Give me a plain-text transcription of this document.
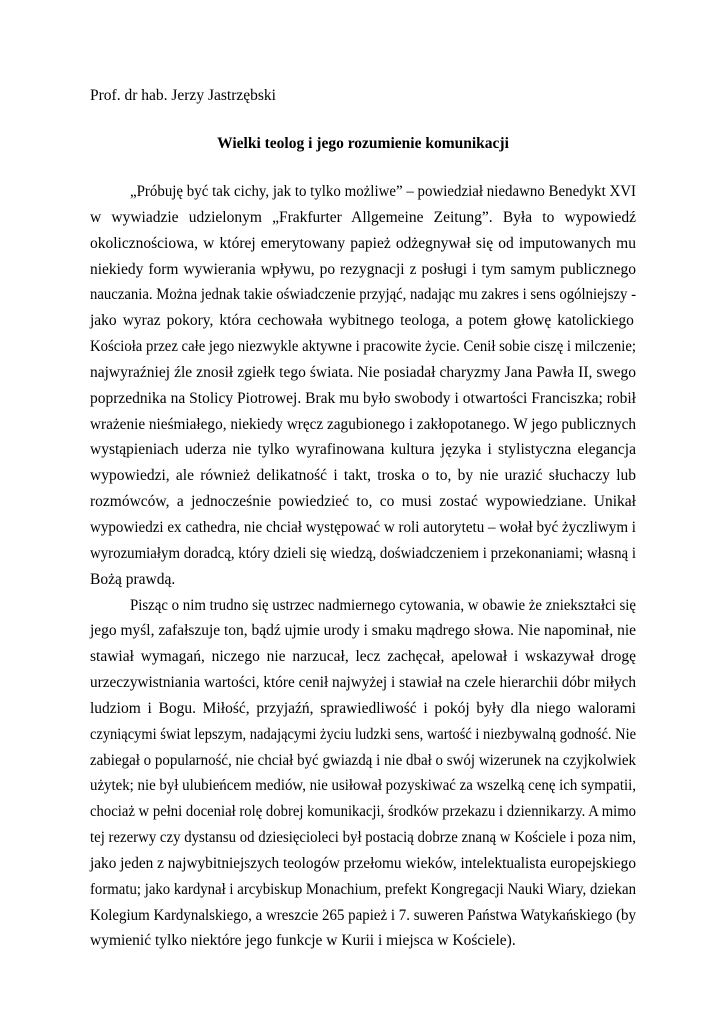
Prof. dr hab. Jerzy Jastrzębski
Wielki teolog i jego rozumienie komunikacji
„Próbuję być tak cichy, jak to tylko możliwe” – powiedział niedawno Benedykt XVI
w wywiadzie udzielonym „Frakfurter Allgemeine Zeitung”. Była to wypowiedź
okolicznościowa, w której emerytowany papież odżegnywał się od imputowanych mu
niekiedy form wywierania wpływu, po rezygnacji z posługi i tym samym publicznego
nauczania. Można jednak takie oświadczenie przyjąć, nadając mu zakres i sens ogólniejszy -
jako wyraz pokory, która cechowała wybitnego teologa, a potem głowę katolickiego
Kościoła przez całe jego niezwykle aktywne i pracowite życie. Cenił sobie ciszę i milczenie;
najwyraźniej źle znosił zgiełk tego świata. Nie posiadał charyzmy Jana Pawła II, swego
poprzednika na Stolicy Piotrowej. Brak mu było swobody i otwartości Franciszka; robił
wrażenie nieśmiałego, niekiedy wręcz zagubionego i zakłopotanego. W jego publicznych
wystąpieniach uderza nie tylko wyrafinowana kultura języka i stylistyczna elegancja
wypowiedzi, ale również delikatność i takt, troska o to, by nie urazić słuchaczy lub
rozmówców, a jednocześnie powiedzieć to, co musi zostać wypowiedziane. Unikał
wypowiedzi ex cathedra, nie chciał występować w roli autorytetu – wołał być życzliwym i
wyrozumiałym doradcą, który dzieli się wiedzą, doświadczeniem i przekonaniami; własną i
Bożą prawdą.
Pisząc o nim trudno się ustrzec nadmiernego cytowania, w obawie że zniekształci się
jego myśl, zafałszuje ton, bądź ujmie urody i smaku mądrego słowa. Nie napominał, nie
stawiał wymagań, niczego nie narzucał, lecz zachęcał, apelował i wskazywał drogę
urzeczywistniania wartości, które cenił najwyżej i stawiał na czele hierarchii dóbr miłych
ludziom i Bogu. Miłość, przyjaźń, sprawiedliwość i pokój były dla niego walorami
czyniącymi świat lepszym, nadającymi życiu ludzki sens, wartość i niezbywalną godność. Nie
zabiegał o popularność, nie chciał być gwiazdą i nie dbał o swój wizerunek na czyjkolwiek
użytek; nie był ulubieńcem mediów, nie usiłował pozyskiwać za wszelką cenę ich sympatii,
chociaż w pełni doceniał rolę dobrej komunikacji, środków przekazu i dziennikarzy. A mimo
tej rezerwy czy dystansu od dziesięcioleci był postacią dobrze znaną w Kościele i poza nim,
jako jeden z najwybitniejszych teologów przełomu wieków, intelektualista europejskiego
formatu; jako kardynał i arcybiskup Monachium, prefekt Kongregacji Nauki Wiary, dziekan
Kolegium Kardynalskiego, a wreszcie 265 papież i 7. suweren Państwa Watykańskiego (by
wymienić tylko niektóre jego funkcje w Kurii i miejsca w Kościele).
